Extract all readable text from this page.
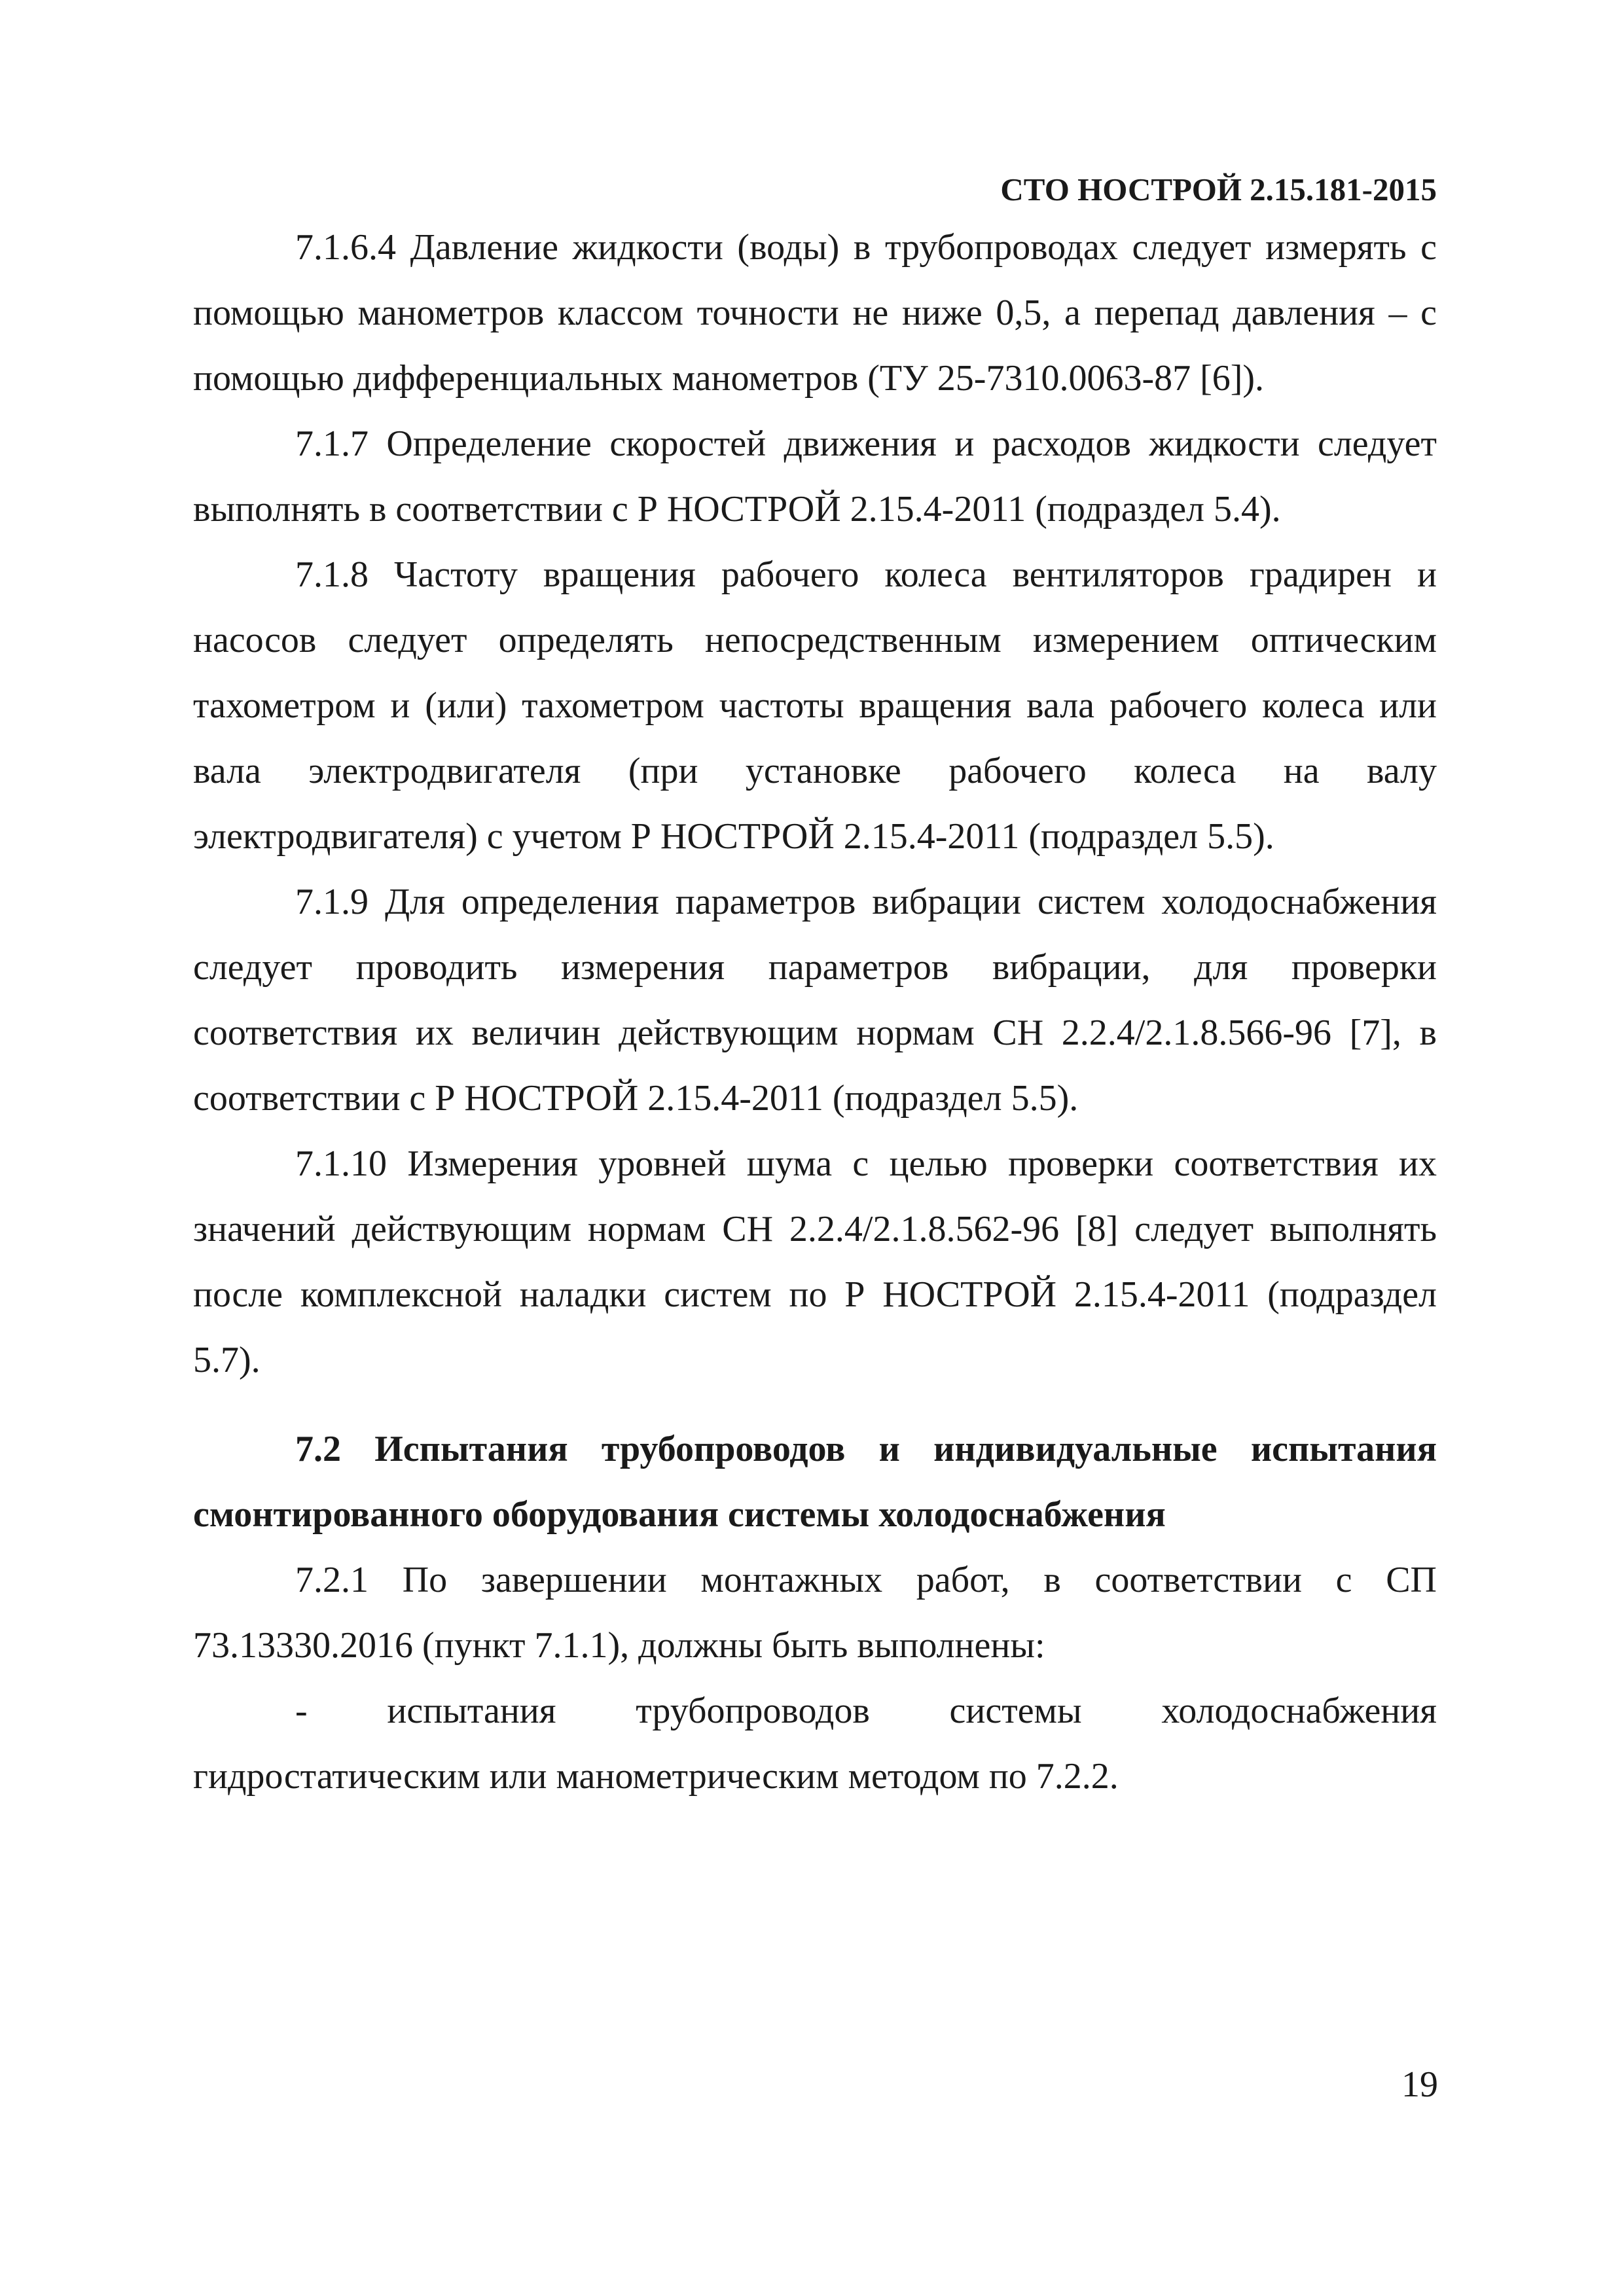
СТО НОСТРОЙ 2.15.181-2015

7.1.6.4 Давление жидкости (воды) в трубопроводах следует измерять с помощью манометров классом точности не ниже 0,5, а перепад давления – с помощью дифференциальных манометров (ТУ 25-7310.0063-87 [6]).

7.1.7 Определение скоростей движения и расходов жидкости следует выполнять в соответствии с Р НОСТРОЙ 2.15.4-2011 (подраздел 5.4).

7.1.8 Частоту вращения рабочего колеса вентиляторов градирен и насосов следует определять непосредственным измерением оптическим тахометром и (или) тахометром частоты вращения вала рабочего колеса или вала электродвигателя (при установке рабочего колеса на валу электродвигателя) с учетом Р НОСТРОЙ 2.15.4-2011 (подраздел 5.5).

7.1.9 Для определения параметров вибрации систем холодоснабжения следует проводить измерения параметров вибрации, для проверки соответствия их величин действующим нормам СН 2.2.4/2.1.8.566-96 [7], в соответствии с Р НОСТРОЙ 2.15.4-2011 (подраздел 5.5).

7.1.10 Измерения уровней шума с целью проверки соответствия их значений действующим нормам СН 2.2.4/2.1.8.562-96 [8] следует выполнять после комплексной наладки систем по Р НОСТРОЙ 2.15.4-2011 (подраздел 5.7).

7.2 Испытания трубопроводов и индивидуальные испытания смонтированного оборудования системы холодоснабжения

7.2.1 По завершении монтажных работ, в соответствии с СП 73.13330.2016 (пункт 7.1.1), должны быть выполнены:

- испытания трубопроводов системы холодоснабжения гидростатическим или манометрическим методом по 7.2.2.

19
